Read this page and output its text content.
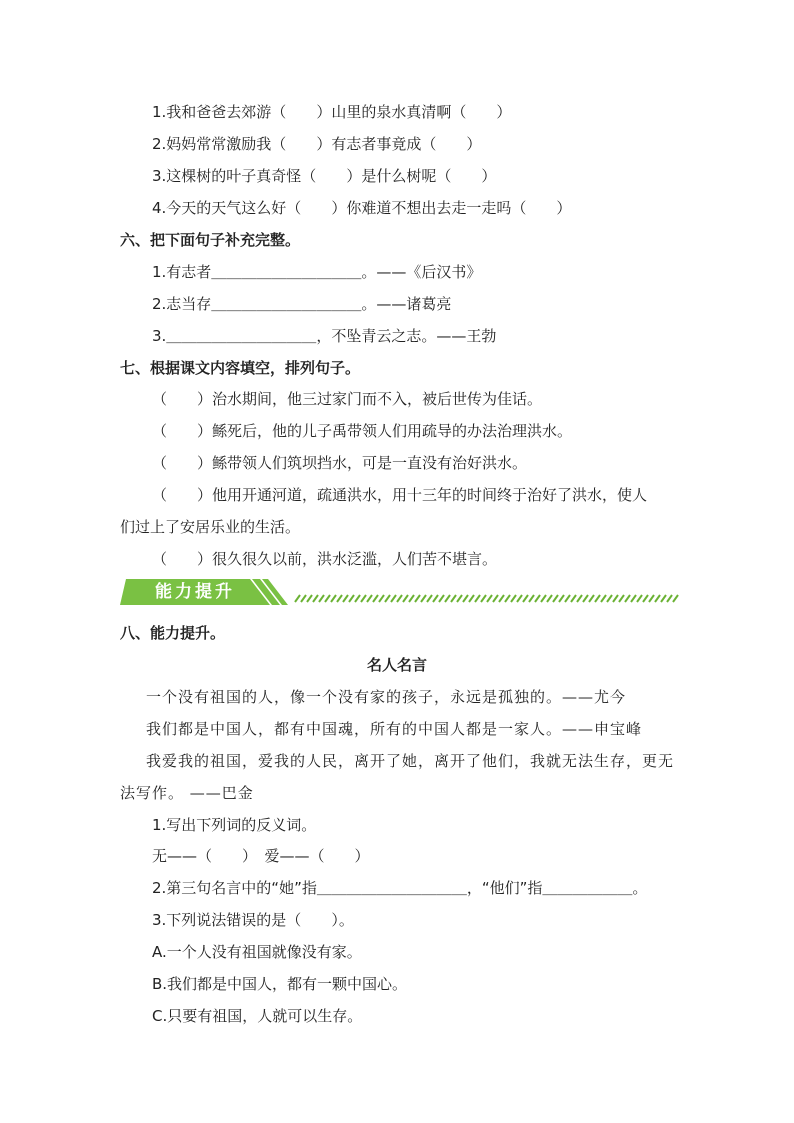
1.我和爸爸去郊游（　　）山里的泉水真清啊（　　）
2.妈妈常常激励我（　　）有志者事竟成（　　）
3.这棵树的叶子真奇怪（　　）是什么树呢（　　）
4.今天的天气这么好（　　）你难道不想出去走一走吗（　　）
六、把下面句子补充完整。
1.有志者＿＿＿＿＿＿＿＿＿＿。——《后汉书》
2.志当存＿＿＿＿＿＿＿＿＿＿。——诸葛亮
3.＿＿＿＿＿＿＿＿＿＿，不坠青云之志。——王勃
七、根据课文内容填空，排列句子。
（　　）治水期间，他三过家门而不入，被后世传为佳话。
（　　）鲧死后，他的儿子禹带领人们用疏导的办法治理洪水。
（　　）鲧带领人们筑坝挡水，可是一直没有治好洪水。
（　　）他用开通河道，疏通洪水，用十三年的时间终于治好了洪水，使人
们过上了安居乐业的生活。
（　　）很久很久以前，洪水泛滥，人们苦不堪言。
能力提升
八、能力提升。
名人名言
一个没有祖国的人，像一个没有家的孩子，永远是孤独的。——尤今
我们都是中国人，都有中国魂，所有的中国人都是一家人。——申宝峰
我爱我的祖国，爱我的人民，离开了她，离开了他们，我就无法生存，更无
法写作。 ——巴金
1.写出下列词的反义词。
无——（　　）　爱——（　　）
2.第三句名言中的“她”指＿＿＿＿＿＿＿＿＿＿，“他们”指＿＿＿＿＿＿。
3.下列说法错误的是（　　）。
A.一个人没有祖国就像没有家。
B.我们都是中国人，都有一颗中国心。
C.只要有祖国，人就可以生存。
